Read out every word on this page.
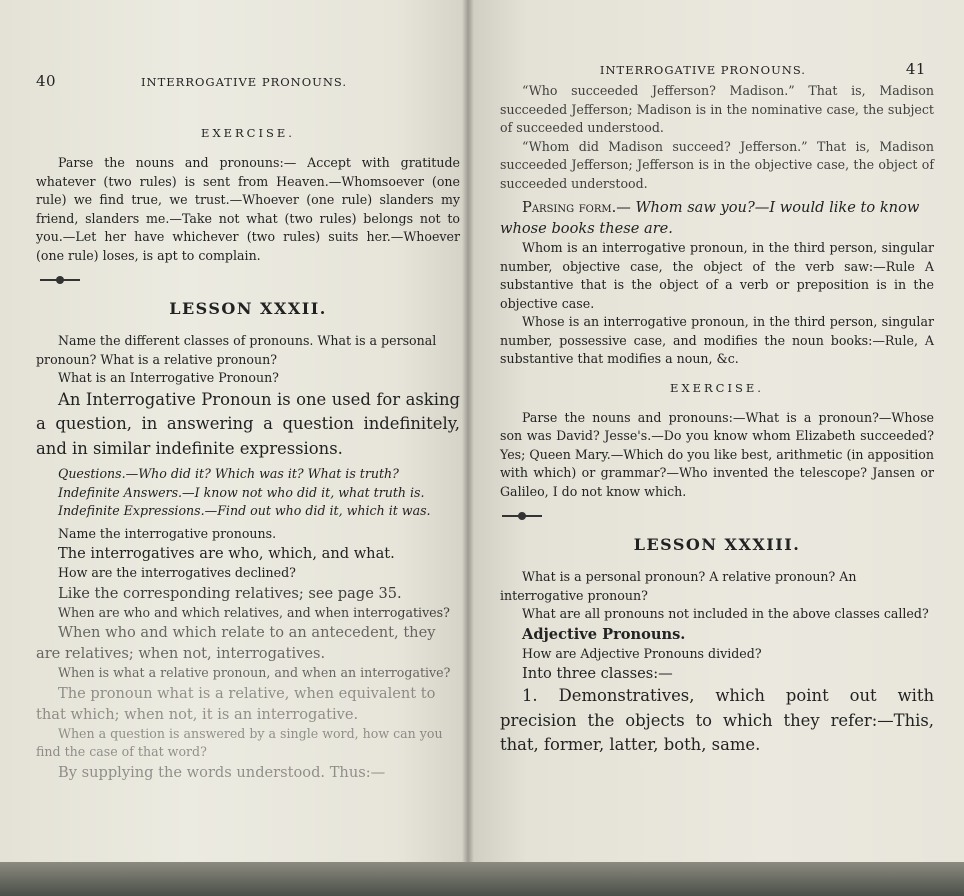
40	INTERROGATIVE PRONOUNS.
EXERCISE.

Parse the nouns and pronouns:— Accept with gratitude whatever (two rules) is sent from Heaven.—Whomsoever (one rule) we find true, we trust.—Whoever (one rule) slanders my friend, slanders me.—Take not what (two rules) belongs not to you.—Let her have whichever (two rules) suits her.—Whoever (one rule) loses, is apt to complain.

LESSON XXXII.

Name the different classes of pronouns. What is a personal pronoun? What is a relative pronoun?

What is an Interrogative Pronoun?

An Interrogative Pronoun is one used for asking a question, in answering a question indefinitely, and in similar indefinite expressions.

Questions.—Who did it? Which was it? What is truth?

Indefinite Answers.—I know not who did it, what truth is.

Indefinite Expressions.—Find out who did it, which it was.

Name the interrogative pronouns.

The interrogatives are who, which, and what.

How are the interrogatives declined?

Like the corresponding relatives; see page 35.

When are who and which relatives, and when interrogatives?

When who and which relate to an antecedent, they are relatives; when not, interrogatives.

When is what a relative pronoun, and when an interrogative?

The pronoun what is a relative, when equivalent to that which; when not, it is an interrogative.

When a question is answered by a single word, how can you find the case of that word?

By supplying the words understood. Thus:—

INTERROGATIVE PRONOUNS.	41

“Who succeeded Jefferson? Madison.” That is, Madison succeeded Jefferson; Madison is in the nominative case, the subject of succeeded understood.

“Whom did Madison succeed? Jefferson.” That is, Madison succeeded Jefferson; Jefferson is in the objective case, the object of succeeded understood.

Parsing form.— Whom saw you?—I would like to know whose books these are.

Whom is an interrogative pronoun, in the third person, singular number, objective case, the object of the verb saw:—Rule A substantive that is the object of a verb or preposition is in the objective case.

Whose is an interrogative pronoun, in the third person, singular number, possessive case, and modifies the noun books:—Rule, A substantive that modifies a noun, &c.

EXERCISE.

Parse the nouns and pronouns:—What is a pronoun?—Whose son was David? Jesse's.—Do you know whom Elizabeth succeeded? Yes; Queen Mary.—Which do you like best, arithmetic (in apposition with which) or grammar?—Who invented the telescope? Jansen or Galileo, I do not know which.

LESSON XXXIII.

What is a personal pronoun? A relative pronoun? An interrogative pronoun?

What are all pronouns not included in the above classes called?

Adjective Pronouns.

How are Adjective Pronouns divided?

Into three classes:—

1. Demonstratives, which point out with precision the objects to which they refer:—This, that, former, latter, both, same.
